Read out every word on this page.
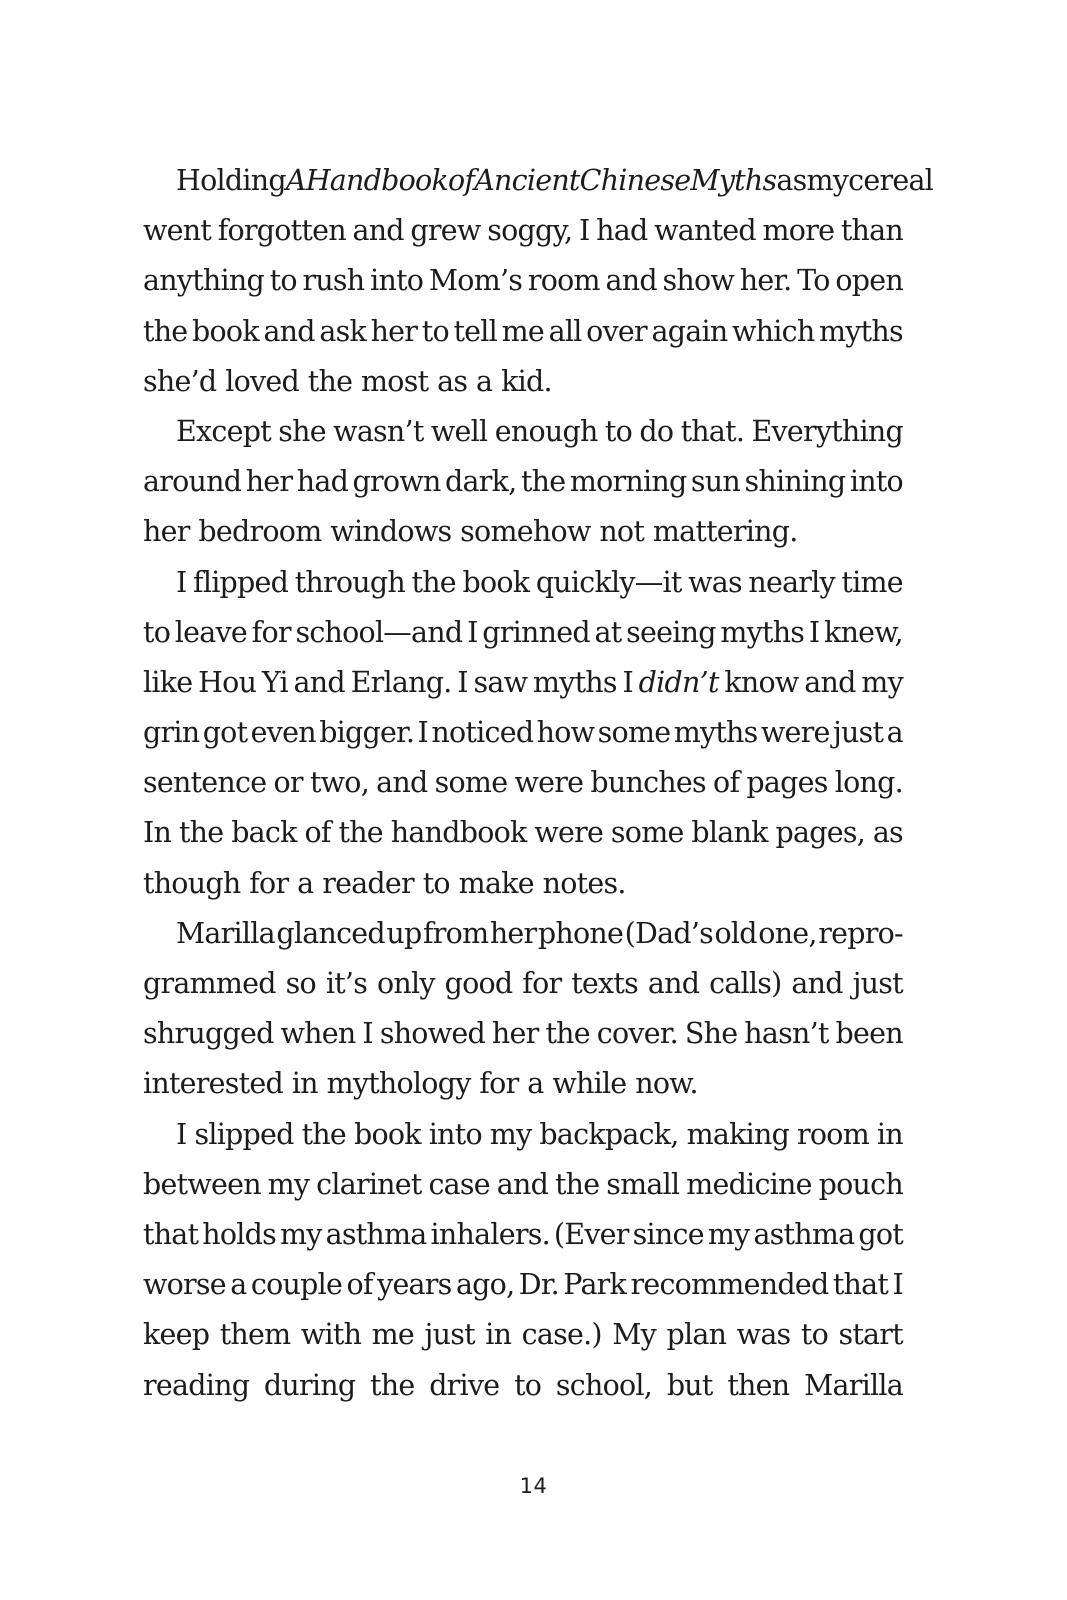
Holding A Handbook of Ancient Chinese Myths as my cereal
went forgotten and grew soggy, I had wanted more than
anything to rush into Mom’s room and show her. To open
the book and ask her to tell me all over again which myths
she’d loved the most as a kid.
Except she wasn’t well enough to do that. Everything
around her had grown dark, the morning sun shining into
her bedroom windows somehow not mattering.
I flipped through the book quickly—it was nearly time
to leave for school—and I grinned at seeing myths I knew,
like Hou Yi and Erlang. I saw myths I didn’t know and my
grin got even bigger. I noticed how some myths were just a
sentence or two, and some were bunches of pages long.
In the back of the handbook were some blank pages, as
though for a reader to make notes.
Marilla glanced up from her phone (Dad’s old one, repro-
grammed so it’s only good for texts and calls) and just
shrugged when I showed her the cover. She hasn’t been
interested in mythology for a while now.
I slipped the book into my backpack, making room in
between my clarinet case and the small medicine pouch
that holds my asthma inhalers. (Ever since my asthma got
worse a couple of years ago, Dr. Park recommended that I
keep them with me just in case.) My plan was to start
reading during the drive to school, but then Marilla
14
